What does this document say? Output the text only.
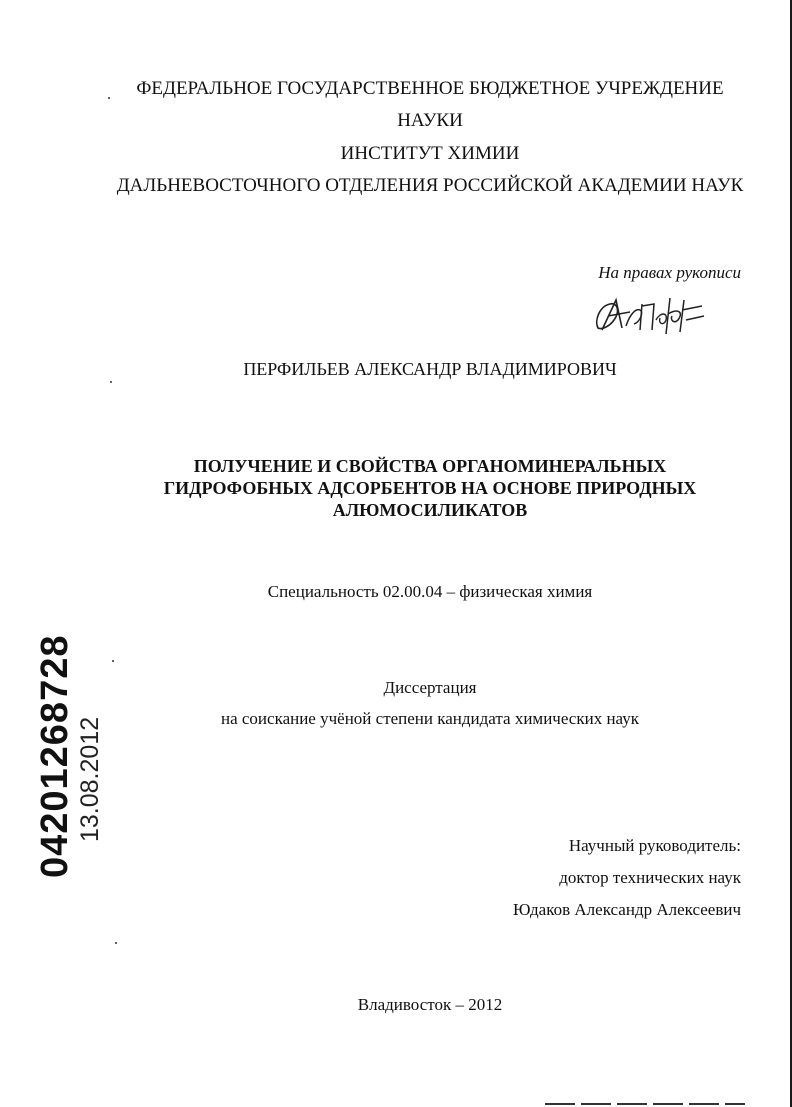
ФЕДЕРАЛЬНОЕ ГОСУДАРСТВЕННОЕ БЮДЖЕТНОЕ УЧРЕЖДЕНИЕ
НАУКИ
ИНСТИТУТ ХИМИИ
ДАЛЬНЕВОСТОЧНОГО ОТДЕЛЕНИЯ РОССИЙСКОЙ АКАДЕМИИ НАУК
На правах рукописи
ПЕРФИЛЬЕВ АЛЕКСАНДР ВЛАДИМИРОВИЧ
ПОЛУЧЕНИЕ И СВОЙСТВА ОРГАНОМИНЕРАЛЬНЫХ
ГИДРОФОБНЫХ АДСОРБЕНТОВ НА ОСНОВЕ ПРИРОДНЫХ
АЛЮМОСИЛИКАТОВ
Специальность 02.00.04 – физическая химия
Диссертация
на соискание учёной степени кандидата химических наук
Научный руководитель:
доктор технических наук
Юдаков Александр Алексеевич
Владивосток – 2012
04201268728 13.08.2012
